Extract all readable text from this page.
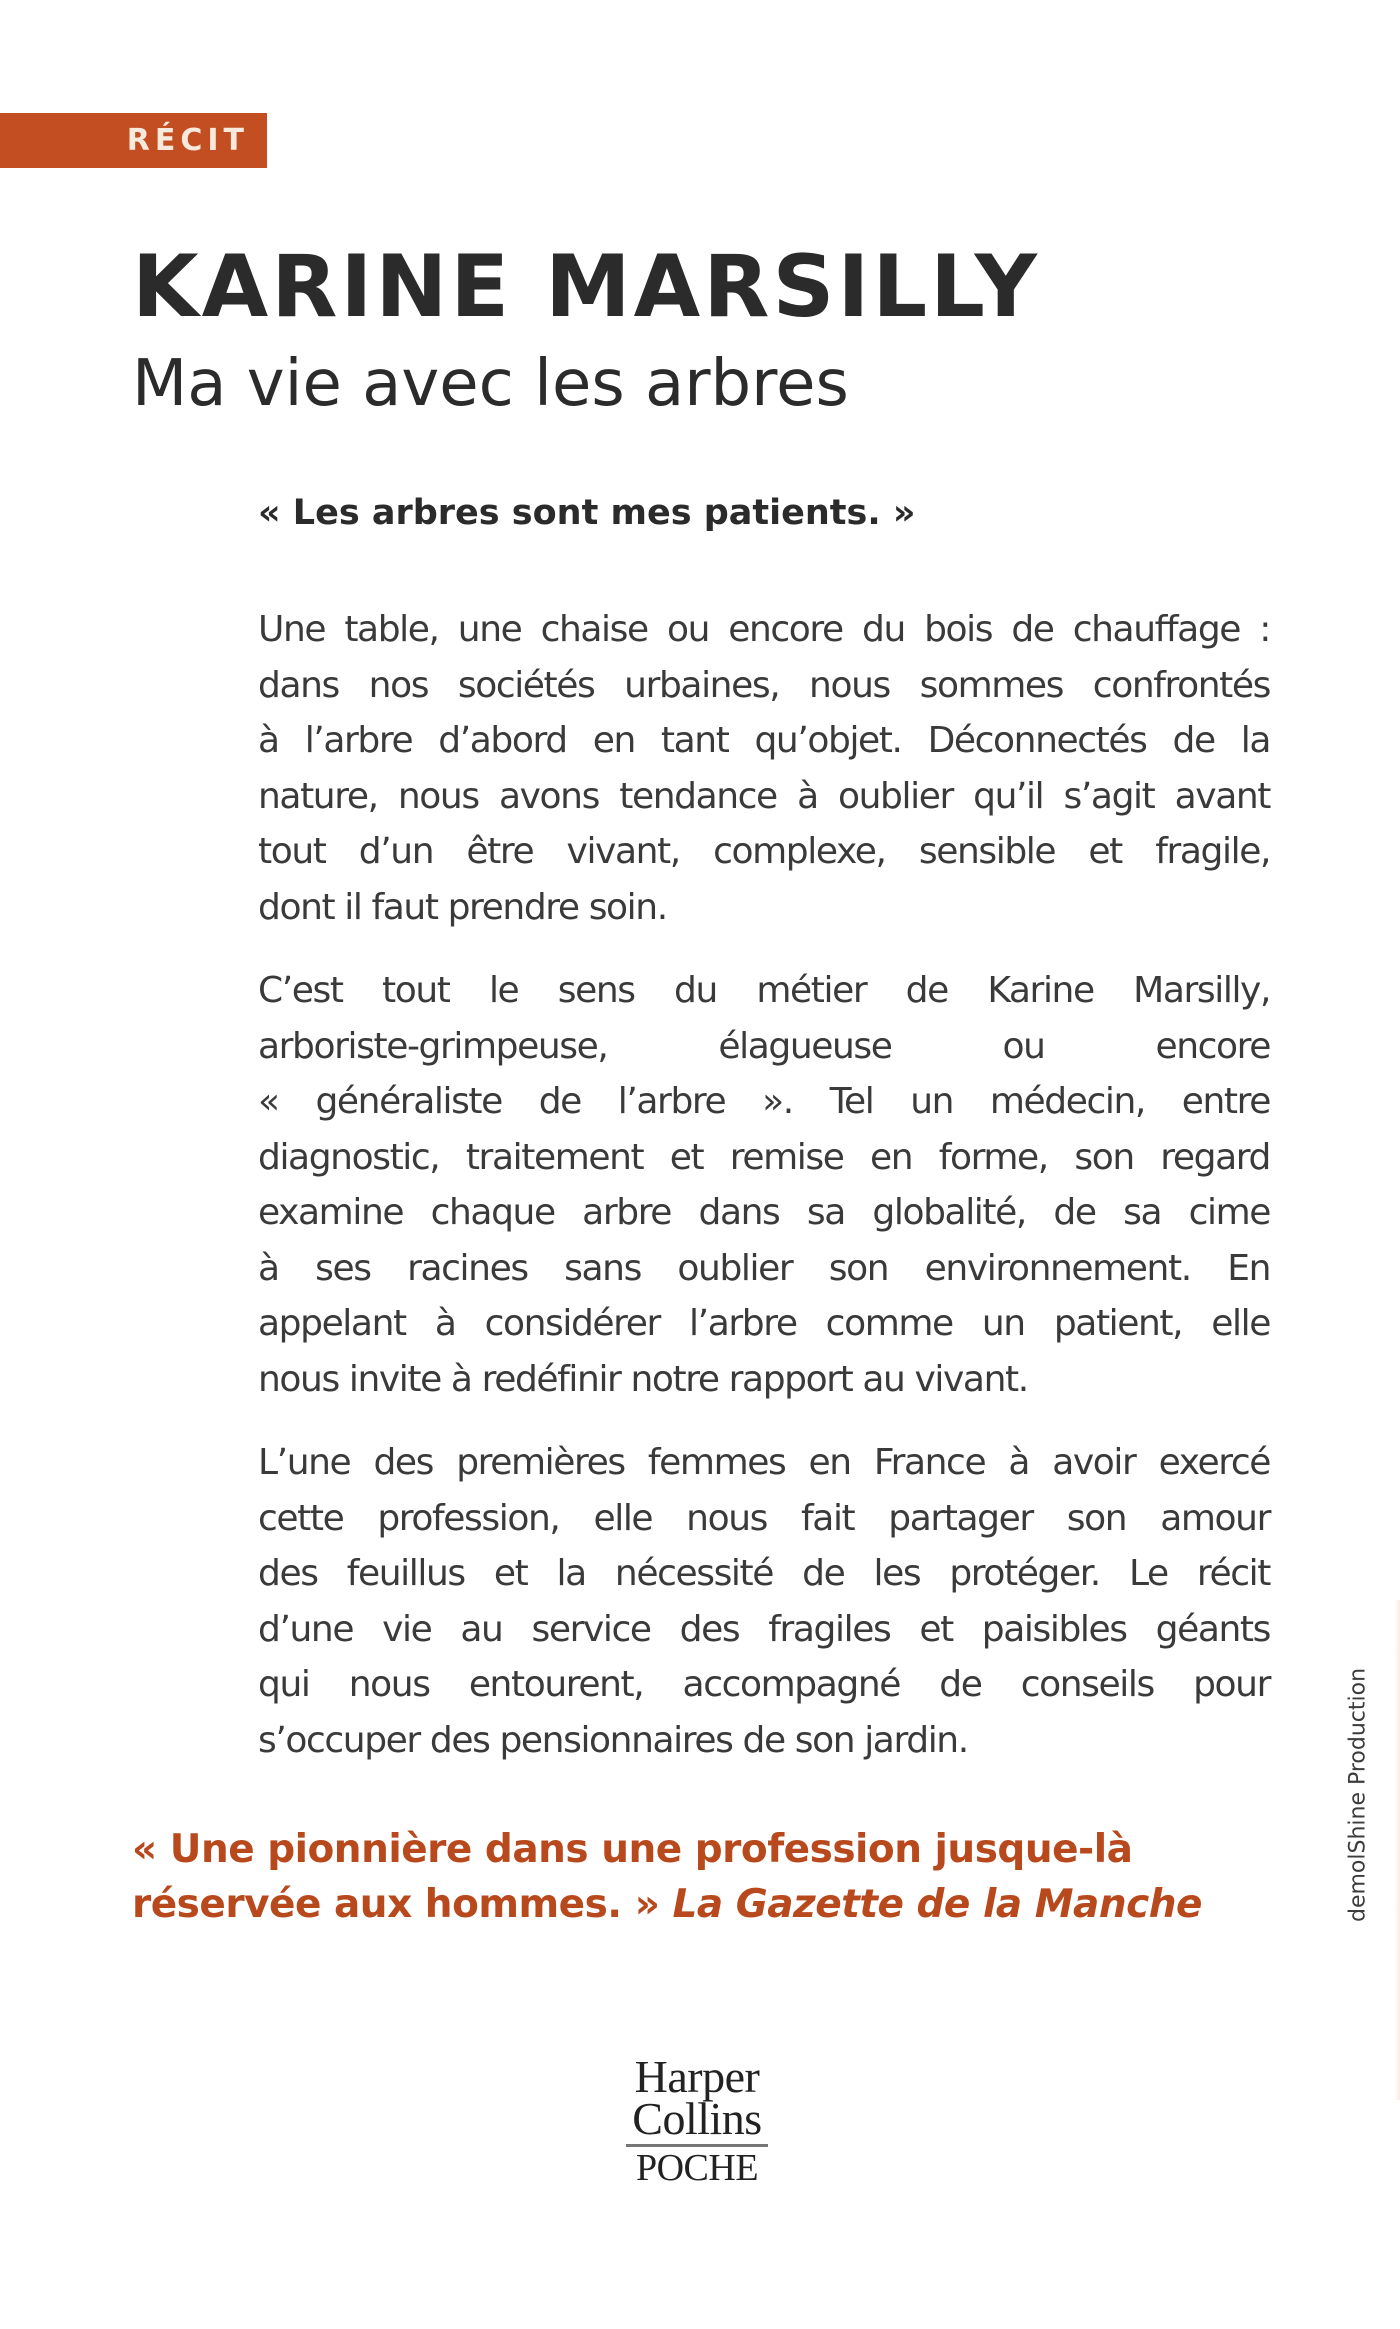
RÉCIT
KARINE MARSILLY
Ma vie avec les arbres

« Les arbres sont mes patients. »

Une table, une chaise ou encore du bois de chauffage :
dans nos sociétés urbaines, nous sommes confrontés
à l’arbre d’abord en tant qu’objet. Déconnectés de la
nature, nous avons tendance à oublier qu’il s’agit avant
tout d’un être vivant, complexe, sensible et fragile,
dont il faut prendre soin.

C’est tout le sens du métier de Karine Marsilly,
arboriste-grimpeuse, élagueuse ou encore
« généraliste de l’arbre ». Tel un médecin, entre
diagnostic, traitement et remise en forme, son regard
examine chaque arbre dans sa globalité, de sa cime
à ses racines sans oublier son environnement. En
appelant à considérer l’arbre comme un patient, elle
nous invite à redéfinir notre rapport au vivant.

L’une des premières femmes en France à avoir exercé
cette profession, elle nous fait partager son amour
des feuillus et la nécessité de les protéger. Le récit
d’une vie au service des fragiles et paisibles géants
qui nous entourent, accompagné de conseils pour
s’occuper des pensionnaires de son jardin.

« Une pionnière dans une profession jusque-là
réservée aux hommes. » La Gazette de la Manche

Harper
Collins
POCHE
demolShine Production
